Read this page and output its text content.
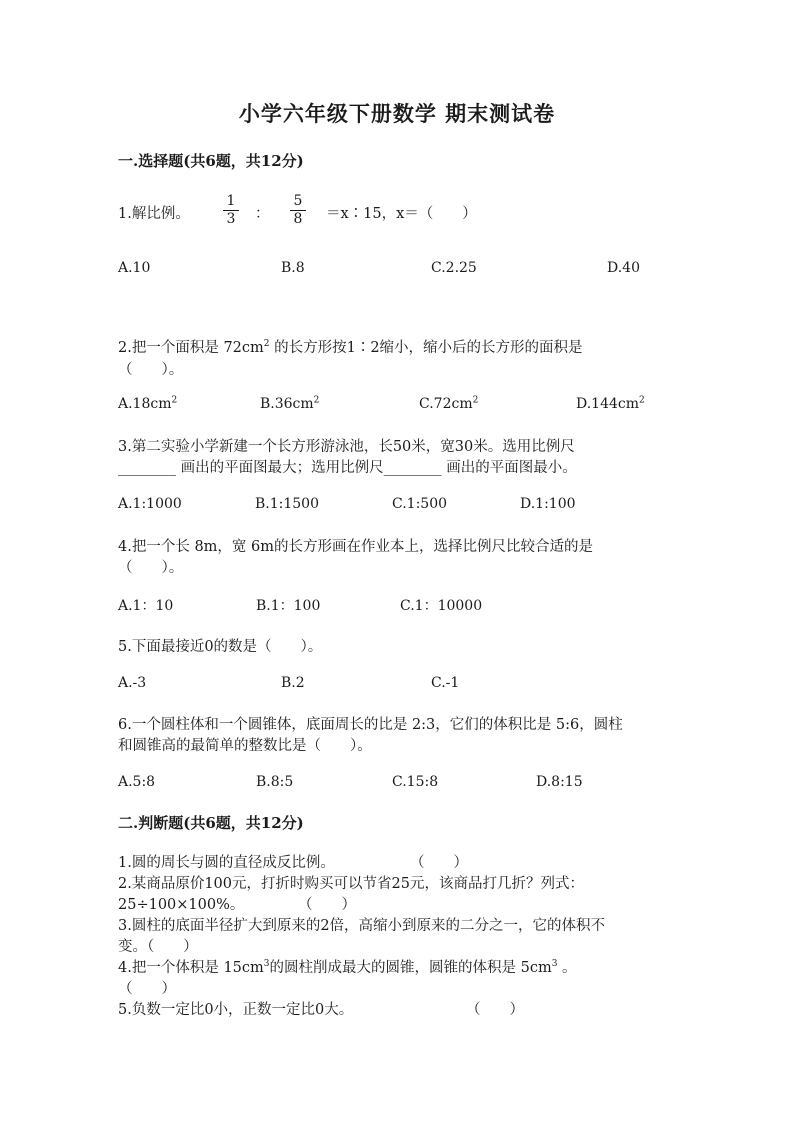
小学六年级下册数学 期末测试卷
一.选择题(共6题，共12分)
1.解比例。
1
3	：
5
8	＝x∶15，x＝（　　）
A.10	B.8	C.2.25	D.40
2.把一个面积是 $72cm^2$ 的长方形按1∶2缩小，缩小后的长方形的面积是
（　　）。
$A.18cm^2$	$B.36cm^2$	$C.72cm^2$	$D.144cm^2$
3.第二实验小学新建一个长方形游泳池，长50米，宽30米。选用比例尺
________ 画出的平面图最大；选用比例尺________ 画出的平面图最小。
A.1:1000	B.1:1500	C.1:500	D.1:100
4.把一个长 8m，宽 6m的长方形画在作业本上，选择比例尺比较合适的是
（　　）。
A.1：10	B.1：100	C.1：10000
5.下面最接近0的数是（　　）。
A.-3	B.2	C.-1
6.一个圆柱体和一个圆锥体，底面周长的比是 2:3，它们的体积比是 5:6，圆柱
和圆锥高的最简单的整数比是（　　）。
A.5:8	B.8:5	C.15:8	D.8:15
二.判断题(共6题，共12分)
1.圆的周长与圆的直径成反比例。	（　　）
2.某商品原价100元，打折时购买可以节省25元，该商品打几折？列式：
25÷100×100%。	（　　）
3.圆柱的底面半径扩大到原来的2倍，高缩小到原来的二分之一，它的体积不
变。（　　）
4.把一个体积是 $15cm^3$的圆柱削成最大的圆锥，圆锥的体积是 $5cm^3$ 。
（　　）
5.负数一定比0小，正数一定比0大。	（　　）
